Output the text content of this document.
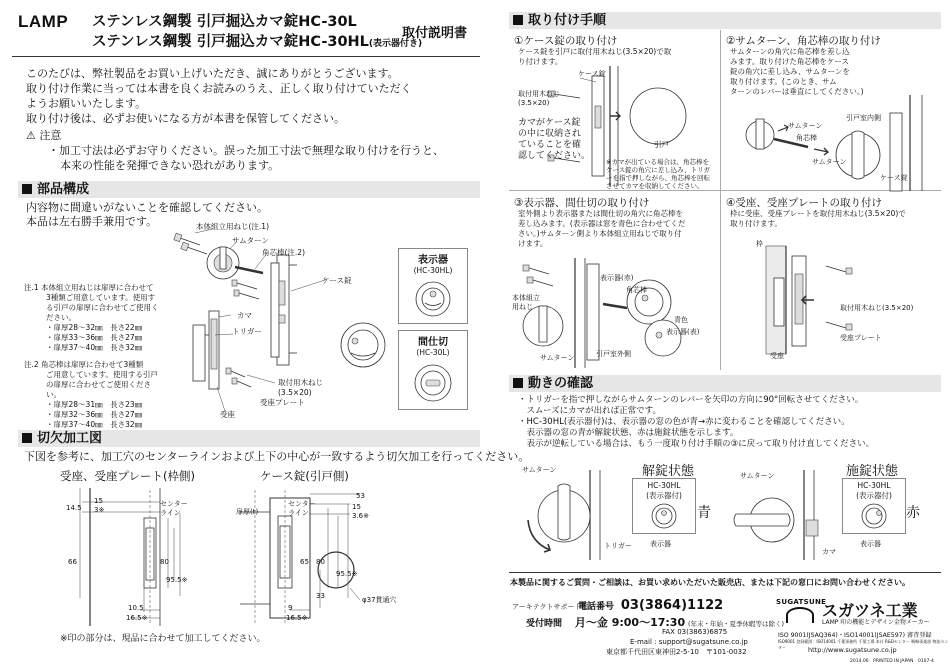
LAMP ステンレス鋼製 引戸掘込カマ錠HC-30L
ステンレス鋼製 引戸掘込カマ錠HC-30HL(表示器付き)
取付説明書
このたびは、弊社製品をお買い上げいただき、誠にありがとうございます。
取り付け作業に当っては本書を良くお読みのうえ、正しく取り付けていただく
ようお願いいたします。
取り付け後は、必ずお使いになる方が本書を保管してください。
⚠ 注意
・加工寸法は必ずお守りください。誤った加工寸法で無理な取り付けを行うと、
本来の性能を発揮できない恐れがあります。
部品構成
内容物に間違いがないことを確認してください。
本品は左右勝手兼用です。	本体組立用ねじ(注.1)
サムターン
角芯棒(注.2)
ケース錠
カマ
トリガー
取付用木ねじ
(3.5×20)
受座プレート
受座
表示器
(HC-30HL)
間仕切
(HC-30L)
注.1 本体組立用ねじは扉厚に合わせて
3種類ご用意しています。使用す
る引戸の扉厚に合わせてご使用く
ださい。
・扉厚28～32㎜　長さ22㎜
・扉厚33～36㎜　長さ27㎜
・扉厚37～40㎜　長さ32㎜
注.2 角芯棒は扉厚に合わせて3種類
ご用意しています。使用する引戸
の扉厚に合わせてご使用くださ
い。
・扉厚28～31㎜　長さ23㎜
・扉厚32～36㎜　長さ27㎜
・扉厚37～40㎜　長さ32㎜
切欠加工図
下図を参考に、加工穴のセンターラインおよび上下の中心が一致するよう切欠加工を行ってください。
受座、受座プレート(枠側)	ケース錠(引戸側)
14.5
15
3※
66	80
95.5※
10.5
16.5※
センター
ライン	扉厚(t)
センター
ライン
53
15
3.6※
65 80
95.5※
33
9
16.5※
φ37貫通穴
※印の部分は、現品に合わせて加工してください。
取り付け手順
①ケース錠の取り付け
ケース錠を引戸に取付用木ねじ(3.5×20)で取
り付けます。
ケース錠
取付用木ねじ
(3.5×20)
カマがケース錠
の中に収納され
ていることを確
認してください。
引戸
※カマが出ている場合は、角芯棒を
ケース錠の角穴に差し込み、トリガ
ーを指で押しながら、角芯棒を回転
させてカマを収納してください。
②サムターン、角芯棒の取り付け
サムターンの角穴に角芯棒を差し込
みます。取り付けた角芯棒をケース
錠の角穴に差し込み、サムターンを
取り付けます。(このとき、サム
ターンのレバーは垂直にしてください。)
サムターン
角芯棒
引戸室内側
サムターン
ケース錠
③表示器、間仕切の取り付け
室外側より表示器または間仕切の角穴に角芯棒を
差し込みます。(表示器は窓を青色に合わせてくだ
さい。)サムターン側より本体組立用ねじで取り付
けます。
本体組立
用ねじ
表示器(赤)
角芯棒
青色
表示器(表)
サムターン	引戸室外側
④受座、受座プレートの取り付け
枠に受座、受座プレートを取付用木ねじ(3.5×20)で
取り付けます。
枠
取付用木ねじ(3.5×20)
受座プレート
受座
動きの確認
・トリガーを指で押しながらサムターンのレバーを矢印の方向に90°回転させてください。
　スムーズにカマが出れば正常です。
・HC-30HL(表示器付)は、表示器の窓の色が青→赤に変わることを確認してください。
　表示器の窓の青が解錠状態、赤は施錠状態を示します。
　表示が逆転している場合は、もう一度取り付け手順の③に戻って取り付け直してください。
サムターン
トリガー
解錠状態
HC-30HL
(表示器付)
青
表示器
サムターン
カマ
施錠状態
HC-30HL
(表示器付)
赤
表示器
本製品に関するご質問・ご相談は、お買い求めいただいた販売店、または下記の窓口にお問い合わせください。
アーキテクトサポート室
電話番号 03(3864)1122
受付時間 月～金 9:00～17:30 (年末・年始・夏季休暇等は除く)
FAX 03(3863)6875
E-mail : support@sugatsune.co.jp
東京都千代田区東神田2-5-10　〒101-0032
SUGATSUNE
スガツネ工業
LAMP 印の機能とデザイン金物メーカー
ISO 9001(JSAQ364)・ISO14001(JSAE597) 審査登録
ISO9001 登録範囲：ISO14001 千葉事務所 千葉工場 本社 R&Dセンター 戦略事業部 物流センター	http://www.sugatsune.co.jp
2014.06　PRINTED IN JAPAN　0107-4
